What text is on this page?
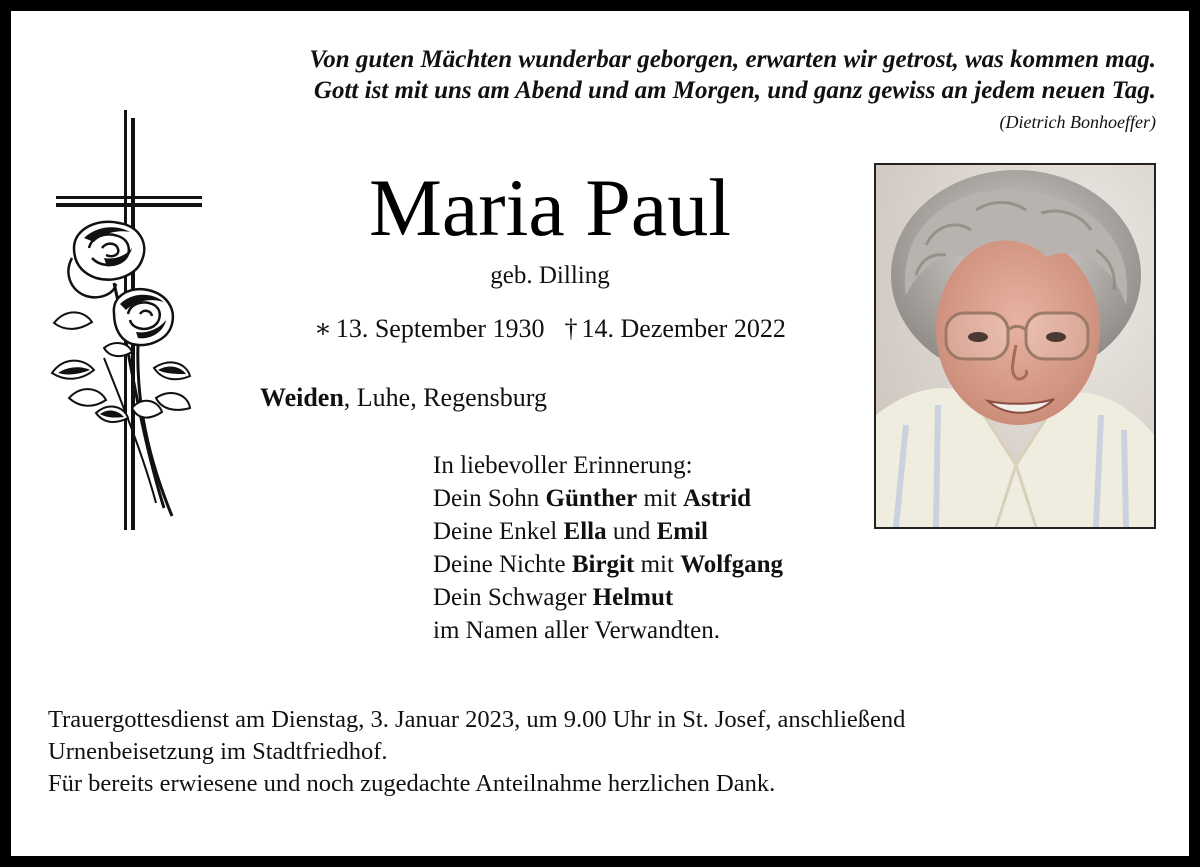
Von guten Mächten wunderbar geborgen, erwarten wir getrost, was kommen mag.
Gott ist mit uns am Abend und am Morgen, und ganz gewiss an jedem neuen Tag.
(Dietrich Bonhoeffer)
Maria Paul
geb. Dilling
∗ 13. September 1930 † 14. Dezember 2022
Weiden, Luhe, Regensburg
In liebevoller Erinnerung:
Dein Sohn Günther mit Astrid
Deine Enkel Ella und Emil
Deine Nichte Birgit mit Wolfgang
Dein Schwager Helmut
im Namen aller Verwandten.
Trauergottesdienst am Dienstag, 3. Januar 2023, um 9.00 Uhr in St. Josef, anschließend
Urnenbeisetzung im Stadtfriedhof.
Für bereits erwiesene und noch zugedachte Anteilnahme herzlichen Dank.
